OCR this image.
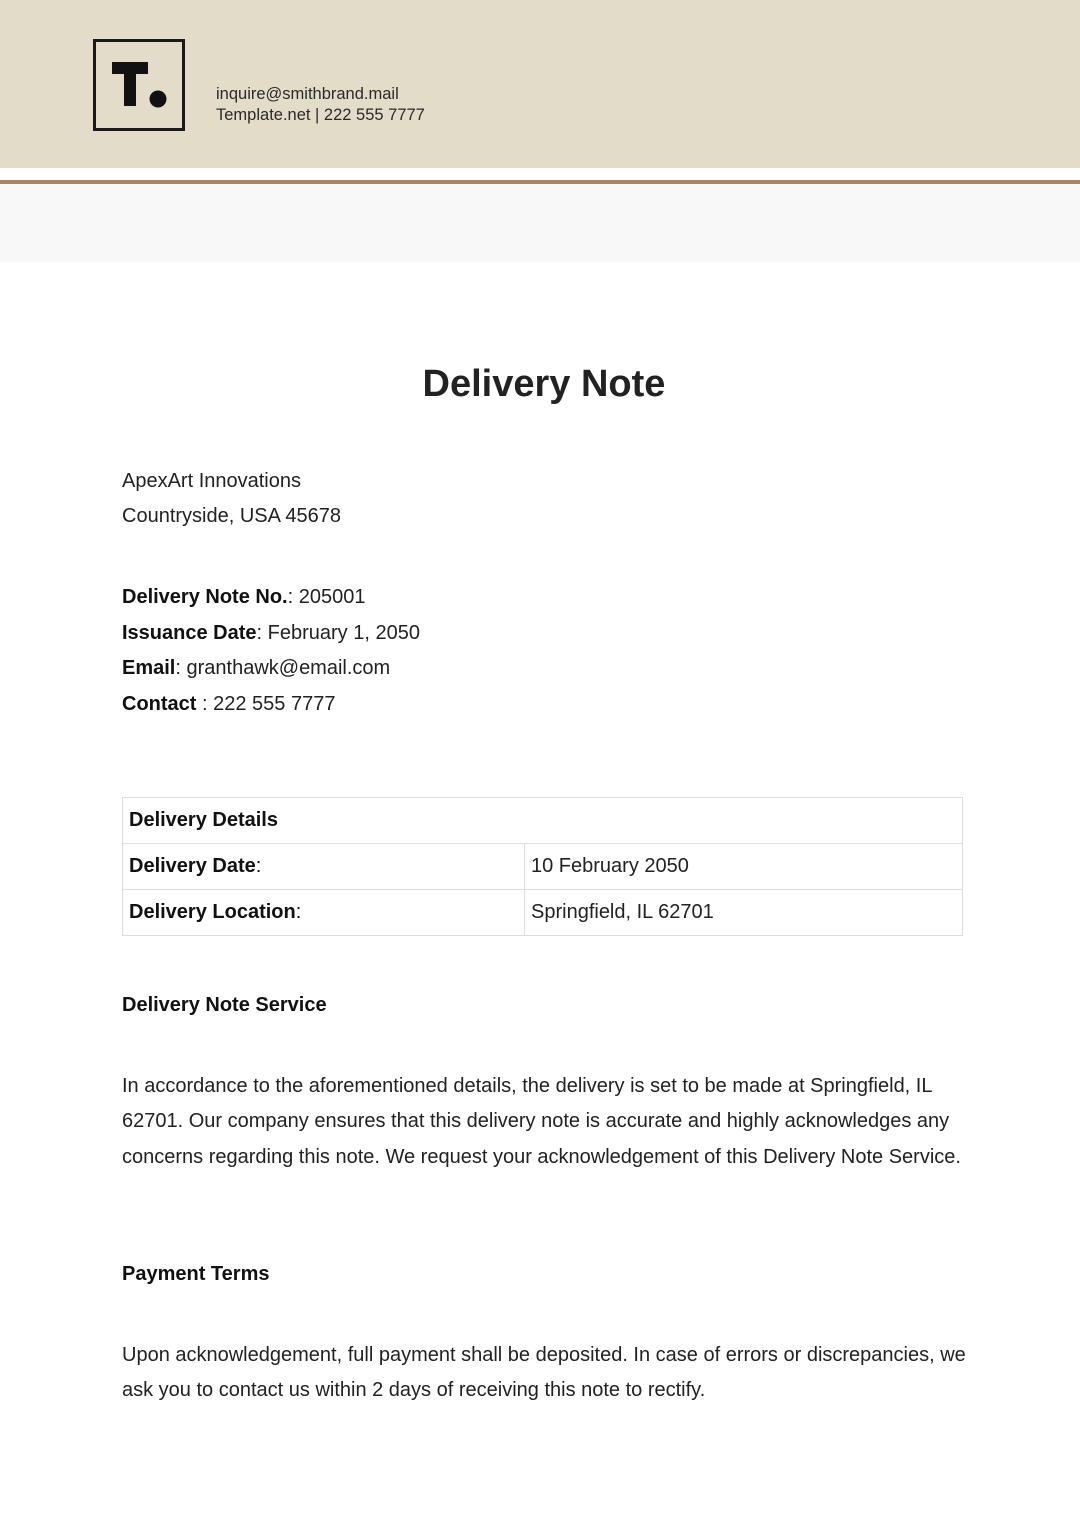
inquire@smithbrand.mail
Template.net | 222 555 7777
Delivery Note
ApexArt Innovations
Countryside, USA 45678
Delivery Note No.: 205001
Issuance Date: February 1, 2050
Email: granthawk@email.com
Contact : 222 555 7777
Delivery Details	
Delivery Date:	10 February 2050
Delivery Location:	Springfield, IL 62701
Delivery Note Service
In accordance to the aforementioned details, the delivery is set to be made at Springfield, IL 62701. Our company ensures that this delivery note is accurate and highly acknowledges any concerns regarding this note. We request your acknowledgement of this Delivery Note Service.
Payment Terms
Upon acknowledgement, full payment shall be deposited. In case of errors or discrepancies, we ask you to contact us within 2 days of receiving this note to rectify.
